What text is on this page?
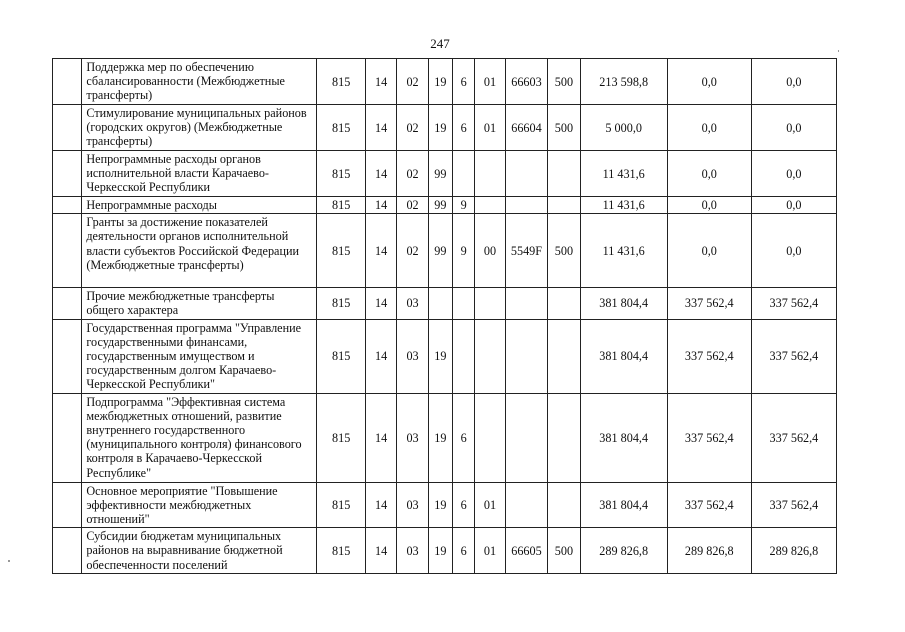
247
	Поддержка мер по обеспечению сбалансированности (Межбюджетные трансферты)	815	14	02	19	6	01	66603	500	213 598,8	0,0	0,0
	Стимулирование муниципальных районов (городских округов) (Межбюджетные трансферты)	815	14	02	19	6	01	66604	500	5 000,0	0,0	0,0
	Непрограммные расходы органов исполнительной власти Карачаево-Черкесской Республики	815	14	02	99					11 431,6	0,0	0,0
	Непрограммные расходы	815	14	02	99	9				11 431,6	0,0	0,0
	Гранты за достижение показателей деятельности органов исполнительной власти субъектов Российской Федерации (Межбюджетные трансферты)	815	14	02	99	9	00	5549F	500	11 431,6	0,0	0,0
	Прочие межбюджетные трансферты общего характера	815	14	03						381 804,4	337 562,4	337 562,4
	Государственная программа "Управление государственными финансами, государственным имуществом и государственным долгом Карачаево-Черкесской Республики"	815	14	03	19					381 804,4	337 562,4	337 562,4
	Подпрограмма "Эффективная система межбюджетных отношений, развитие внутреннего государственного (муниципального контроля) финансового контроля в Карачаево-Черкесской Республике"	815	14	03	19	6				381 804,4	337 562,4	337 562,4
	Основное мероприятие "Повышение эффективности межбюджетных отношений"	815	14	03	19	6	01			381 804,4	337 562,4	337 562,4
	Субсидии бюджетам муниципальных районов на выравнивание бюджетной обеспеченности поселений	815	14	03	19	6	01	66605	500	289 826,8	289 826,8	289 826,8
